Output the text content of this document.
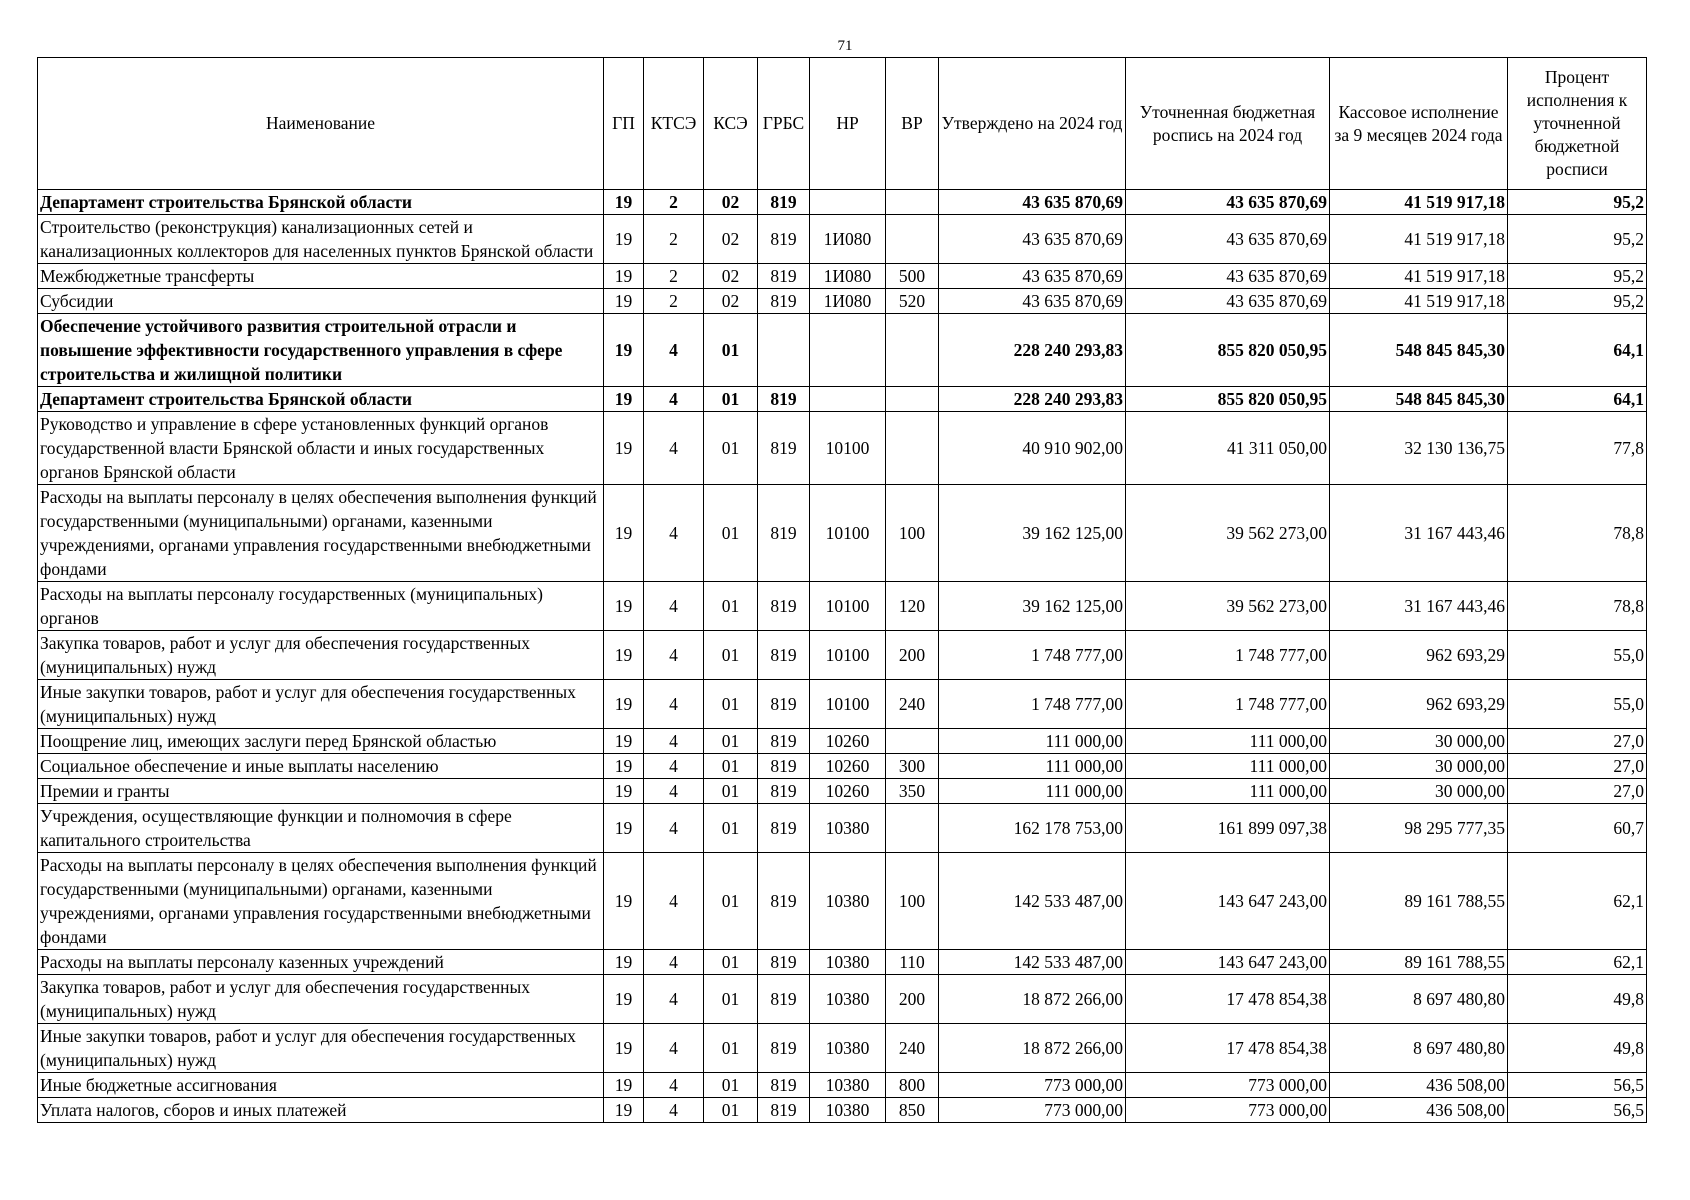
71
Наименование	ГП	КТСЭ	КСЭ	ГРБС	НР	ВР	Утверждено на 2024 год	Уточненная бюджетная роспись на 2024 год	Кассовое исполнение за 9 месяцев 2024 года	Процент исполнения к уточненной бюджетной росписи
Департамент строительства Брянской области	19	2	02	819			43 635 870,69	43 635 870,69	41 519 917,18	95,2
Строительство (реконструкция) канализационных сетей и канализационных коллекторов для населенных пунктов Брянской области	19	2	02	819	1И080		43 635 870,69	43 635 870,69	41 519 917,18	95,2
Межбюджетные трансферты	19	2	02	819	1И080	500	43 635 870,69	43 635 870,69	41 519 917,18	95,2
Субсидии	19	2	02	819	1И080	520	43 635 870,69	43 635 870,69	41 519 917,18	95,2
Обеспечение устойчивого развития строительной отрасли и повышение эффективности государственного управления в сфере строительства и жилищной политики	19	4	01				228 240 293,83	855 820 050,95	548 845 845,30	64,1
Департамент строительства Брянской области	19	4	01	819			228 240 293,83	855 820 050,95	548 845 845,30	64,1
Руководство и управление в сфере установленных функций органов государственной власти Брянской области и иных государственных органов Брянской области	19	4	01	819	10100		40 910 902,00	41 311 050,00	32 130 136,75	77,8
Расходы на выплаты персоналу в целях обеспечения выполнения функций государственными (муниципальными) органами, казенными учреждениями, органами управления государственными внебюджетными фондами	19	4	01	819	10100	100	39 162 125,00	39 562 273,00	31 167 443,46	78,8
Расходы на выплаты персоналу государственных (муниципальных) органов	19	4	01	819	10100	120	39 162 125,00	39 562 273,00	31 167 443,46	78,8
Закупка товаров, работ и услуг для обеспечения государственных (муниципальных) нужд	19	4	01	819	10100	200	1 748 777,00	1 748 777,00	962 693,29	55,0
Иные закупки товаров, работ и услуг для обеспечения государственных (муниципальных) нужд	19	4	01	819	10100	240	1 748 777,00	1 748 777,00	962 693,29	55,0
Поощрение лиц, имеющих заслуги перед Брянской областью	19	4	01	819	10260		111 000,00	111 000,00	30 000,00	27,0
Социальное обеспечение и иные выплаты населению	19	4	01	819	10260	300	111 000,00	111 000,00	30 000,00	27,0
Премии и гранты	19	4	01	819	10260	350	111 000,00	111 000,00	30 000,00	27,0
Учреждения, осуществляющие функции и полномочия в сфере капитального строительства	19	4	01	819	10380		162 178 753,00	161 899 097,38	98 295 777,35	60,7
Расходы на выплаты персоналу в целях обеспечения выполнения функций государственными (муниципальными) органами, казенными учреждениями, органами управления государственными внебюджетными фондами	19	4	01	819	10380	100	142 533 487,00	143 647 243,00	89 161 788,55	62,1
Расходы на выплаты персоналу казенных учреждений	19	4	01	819	10380	110	142 533 487,00	143 647 243,00	89 161 788,55	62,1
Закупка товаров, работ и услуг для обеспечения государственных (муниципальных) нужд	19	4	01	819	10380	200	18 872 266,00	17 478 854,38	8 697 480,80	49,8
Иные закупки товаров, работ и услуг для обеспечения государственных (муниципальных) нужд	19	4	01	819	10380	240	18 872 266,00	17 478 854,38	8 697 480,80	49,8
Иные бюджетные ассигнования	19	4	01	819	10380	800	773 000,00	773 000,00	436 508,00	56,5
Уплата налогов, сборов и иных платежей	19	4	01	819	10380	850	773 000,00	773 000,00	436 508,00	56,5
